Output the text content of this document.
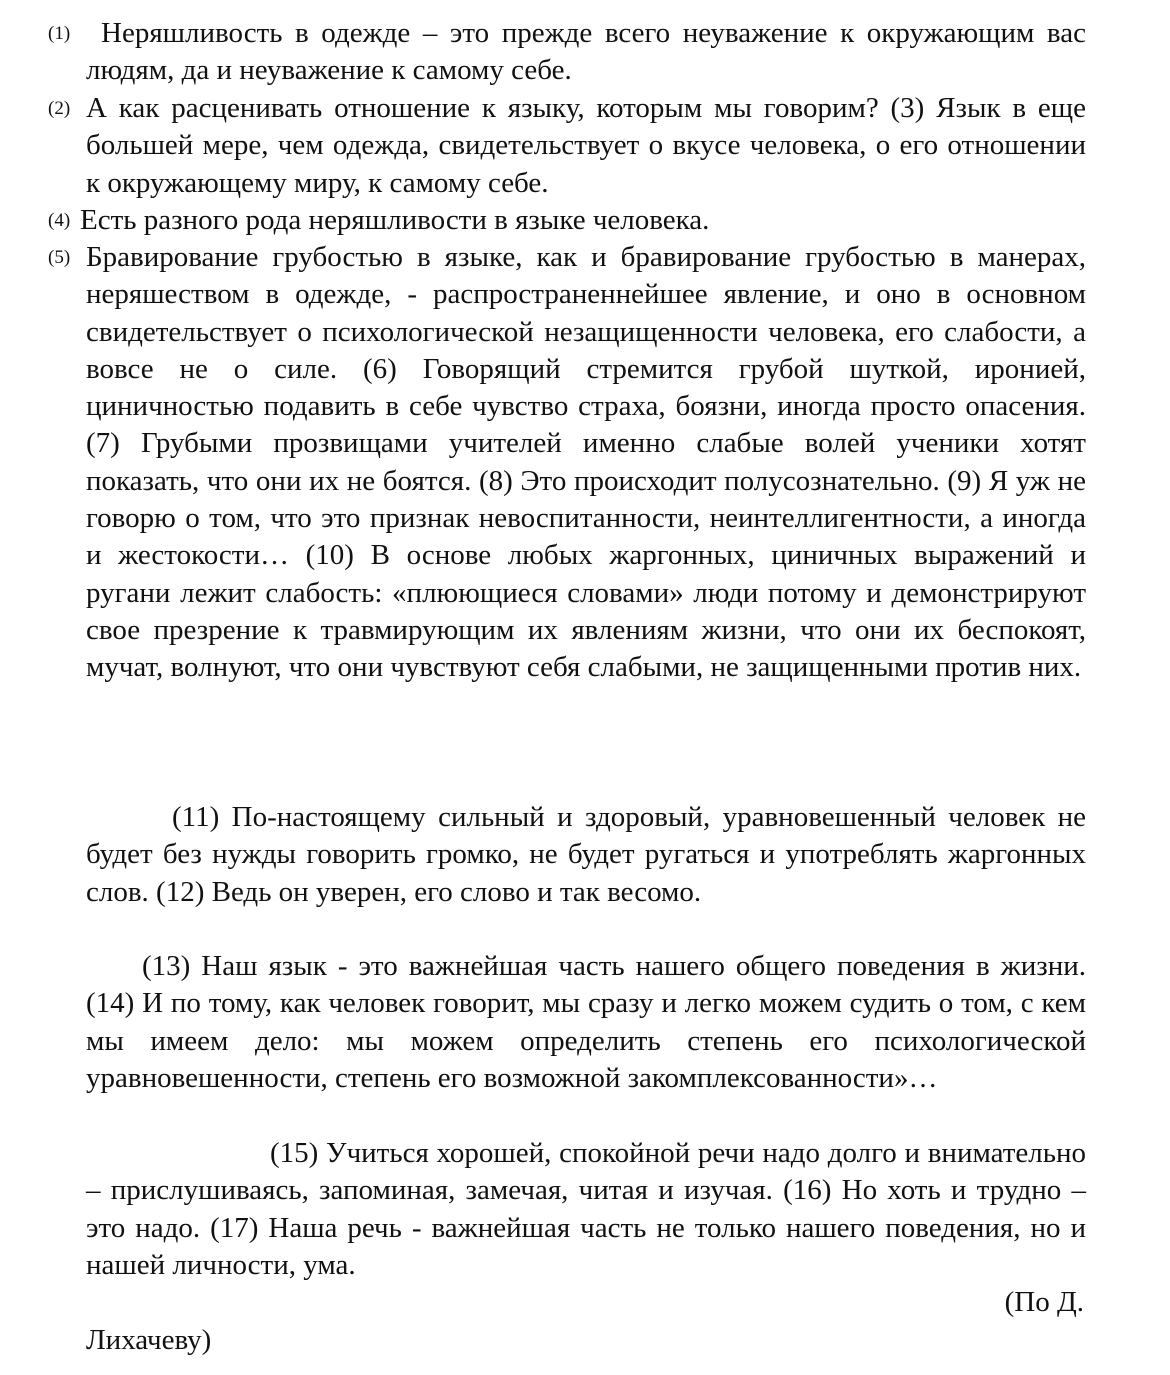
(1)	Неряшливость в одежде – это прежде всего неуважение к окружающим вас людям, да и неуважение к самому себе.

(2) А как расценивать отношение к языку, которым мы говорим? (3) Язык в еще большей мере, чем одежда, свидетельствует о вкусе человека, о его отношении к окружающему миру, к самому себе.

(4) Есть разного рода неряшливости в языке человека.

(5) Бравирование грубостью в языке, как и бравирование грубостью в манерах, неряшеством в одежде, - распространеннейшее явление, и оно в основном свидетельствует о психологической незащищенности человека, его слабости, а вовсе не о силе. (6) Говорящий стремится грубой шуткой, иронией, циничностью подавить в себе чувство страха, боязни, иногда просто опасения. (7) Грубыми прозвищами учителей именно слабые волей ученики хотят показать, что они их не боятся. (8) Это происходит полусознательно. (9) Я уж не говорю о том, что это признак невоспитанности, неинтеллигентности, а иногда и жестокости… (10) В основе любых жаргонных, циничных выражений и ругани лежит слабость: «плюющиеся словами» люди потому и демонстрируют свое презрение к травмирующим их явлениям жизни, что они их беспокоят, мучат, волнуют, что они чувствуют себя слабыми, не защищенными против них.

(11) По-настоящему сильный и здоровый, уравновешенный человек не будет без нужды говорить громко, не будет ругаться и употреблять жаргонных слов. (12) Ведь он уверен, его слово и так весомо.

(13) Наш язык - это важнейшая часть нашего общего поведения в жизни. (14) И по тому, как человек говорит, мы сразу и легко можем судить о том, с кем мы имеем дело: мы можем определить степень его психологической уравновешенности, степень его возможной закомплексованности»…

(15) Учиться хорошей, спокойной речи надо долго и внимательно – прислушиваясь, запоминая, замечая, читая и изучая. (16) Но хоть и трудно – это надо. (17) Наша речь - важнейшая часть не только нашего поведения, но и нашей личности, ума.

(По Д.
Лихачеву)
